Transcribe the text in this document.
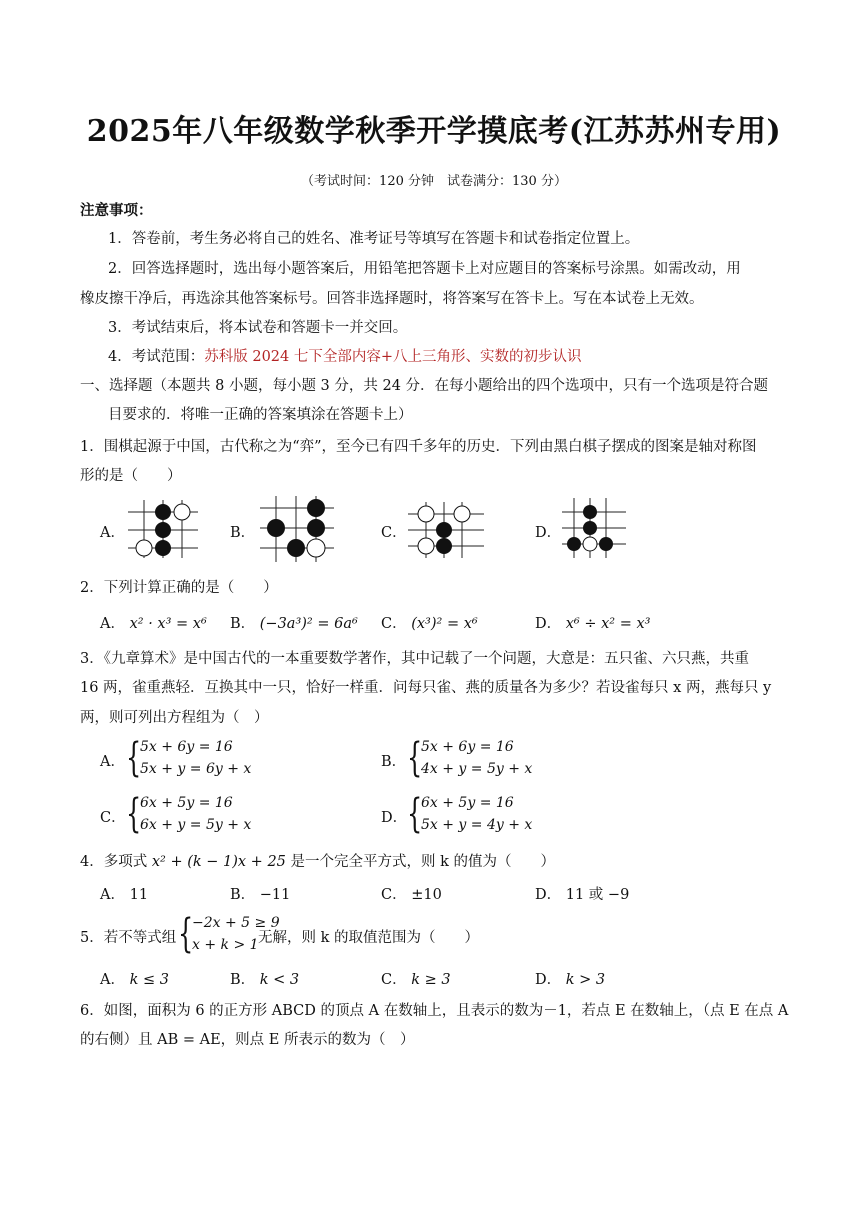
2025年八年级数学秋季开学摸底考(江苏苏州专用)
（考试时间：120 分钟　试卷满分：130 分）
注意事项：
1．答卷前，考生务必将自己的姓名、准考证号等填写在答题卡和试卷指定位置上。
2．回答选择题时，选出每小题答案后，用铅笔把答题卡上对应题目的答案标号涂黑。如需改动，用
橡皮擦干净后，再选涂其他答案标号。回答非选择题时，将答案写在答卡上。写在本试卷上无效。
3．考试结束后，将本试卷和答题卡一并交回。
4．考试范围：苏科版 2024 七下全部内容+八上三角形、实数的初步认识
一、选择题（本题共 8 小题，每小题 3 分，共 24 分．在每小题给出的四个选项中，只有一个选项是符合题
目要求的．将唯一正确的答案填涂在答题卡上）
1．围棋起源于中国，古代称之为“弈”，至今已有四千多年的历史．下列由黑白棋子摆成的图案是轴对称图
形的是（　　）
A．	B．	C．	D．
2．下列计算正确的是（　　）
A． x² · x³ = x⁶ B． (−3a³)² = 6a⁶ C． (x³)² = x⁶	D． x⁶ ÷ x² = x³
3．《九章算术》是中国古代的一本重要数学著作，其中记载了一个问题，大意是：五只雀、六只燕，共重
16 两，雀重燕轻．互换其中一只，恰好一样重．问每只雀、燕的质量各为多少？若设雀每只 x 两，燕每只 y
两，则可列出方程组为（　）
A． {
5x + 6y = 16
5x + y = 6y + x	B． {
5x + 6y = 16
4x + y = 5y + x
C． {
6x + 5y = 16
6x + y = 5y + x	D． {
6x + 5y = 16
5x + y = 4y + x
4．多项式 x² + (k − 1)x + 25 是一个完全平方式，则 k 的值为（　　）
A． 11	B． −11	C． ±10	D． 11 或 −9
5．若不等式组 {
−2x + 5 ≥ 9
x + k > 1 无解，则 k 的取值范围为（　　）
A． k ≤ 3	B． k < 3	C． k ≥ 3	D． k > 3
6．如图，面积为 6 的正方形 ABCD 的顶点 A 在数轴上，且表示的数为－1，若点 E 在数轴上，（点 E 在点 A
的右侧）且 AB = AE，则点 E 所表示的数为（　）
